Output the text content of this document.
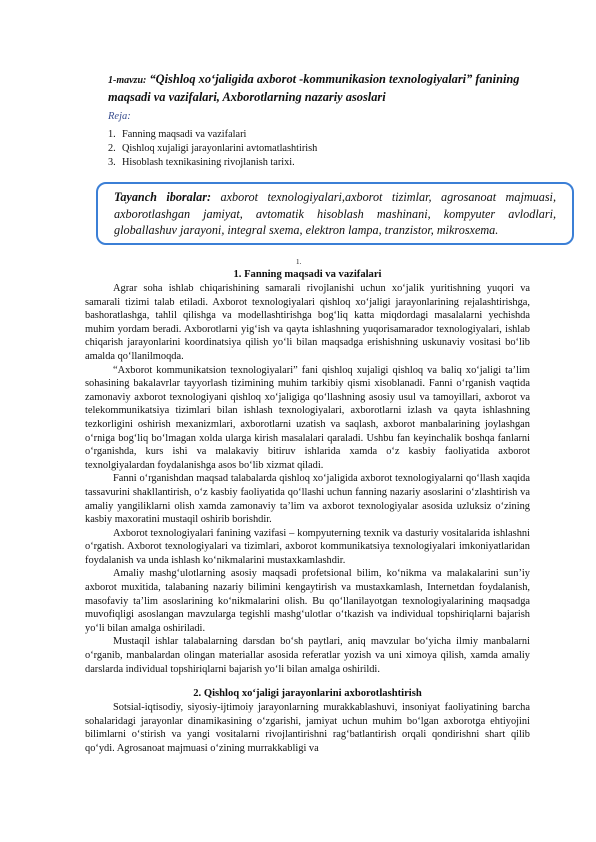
1-mavzu: “Qishloq xo‘jaligida axborot -kommunikasion texnologiyalari” fanining maqsadi va vazifalari, Axborotlarning nazariy asoslari
Reja:
1. Fanning maqsadi va vazifalari
2. Qishloq xujaligi jarayonlarini avtomatlashtirish
3. Hisoblash texnikasining rivojlanish tarixi.
Tayanch iboralar: axborot texnologiyalari,axborot tizimlar, agrosanoat majmuasi, axborotlashgan jamiyat, avtomatik hisoblash mashinani, kompyuter avlodlari, globallashuv jarayoni, integral sxema, elektron lampa, tranzistor, mikrosxema.
1.
1. Fanning maqsadi va vazifalari

Agrar soha ishlab chiqarishining samarali rivojlanishi uchun xo‘jalik yuritishning yuqori va samarali tizimi talab etiladi. Axborot texnologiyalari qishloq xo‘jaligi jarayonlarining rejalashtirishga, bashoratlashga, tahlil qilishga va modellashtirishga bog‘liq katta miqdordagi masalalarni yechishda muhim yordam beradi. Axborotlarni yig‘ish va qayta ishlashning yuqorisamarador texnologiyalari, ishlab chiqarish jarayonlarini koordinatsiya qilish yo‘li bilan maqsadga erishishning uskunaviy vositasi bo‘lib amalda qo‘llanilmoqda.

“Axborot kommunikatsion texnologiyalari” fani qishloq xujaligi qishloq va baliq xo‘jaligi ta’lim sohasining bakalavrlar tayyorlash tizimining muhim tarkibiy qismi xisoblanadi. Fanni o‘rganish vaqtida zamonaviy axborot texnologiyani qishloq xo‘jaligiga qo‘llashning asosiy usul va tamoyillari, axborot va telekommunikatsiya tizimlari bilan ishlash texnologiyalari, axborotlarni izlash va qayta ishlashning tezkorligini oshirish mexanizmlari, axborotlarni uzatish va saqlash, axborot manbalarining joylashgan o‘rniga bog‘liq bo‘lmagan xolda ularga kirish masalalari qaraladi. Ushbu fan keyinchalik boshqa fanlarni o‘rganishda, kurs ishi va malakaviy bitiruv ishlarida xamda o‘z kasbiy faoliyatida axborot texnolgiyalardan foydalanishga asos bo‘lib xizmat qiladi.

Fanni o‘rganishdan maqsad talabalarda qishloq xo‘jaligida axborot texnologiyalarni qo‘llash xaqida tassavurini shakllantirish, o‘z kasbiy faoliyatida qo‘llashi uchun fanning nazariy asoslarini o‘zlashtirish va amaliy yangiliklarni olish xamda zamonaviy ta’lim va axborot texnologiyalar asosida uzluksiz o‘zining kasbiy maxoratini mustaqil oshirib borishdir.

Axborot texnologiyalari fanining vazifasi – kompyuterning texnik va dasturiy vositalarida ishlashni o‘rgatish. Axborot texnologiyalari va tizimlari, axborot kommunikatsiya texnologiyalari imkoniyatlaridan foydalanish va unda ishlash ko‘nikmalarini mustaxkamlashdir.

Amaliy mashg‘ulotlarning asosiy maqsadi profetsional bilim, ko‘nikma va malakalarini sun’iy axborot muxitida, talabaning nazariy bilimini kengaytirish va mustaxkamlash, Internetdan foydalanish, masofaviy ta’lim asoslarining ko‘nikmalarini olish. Bu qo‘llanilayotgan texnologiyalarining maqsadga muvofiqligi asoslangan mavzularga tegishli mashg‘ulotlar o‘tkazish va individual topshiriqlarni bajarish yo‘li bilan amalga oshiriladi.

Mustaqil ishlar talabalarning darsdan bo‘sh paytlari, aniq mavzular bo‘yicha ilmiy manbalarni o‘rganib, manbalardan olingan materiallar asosida referatlar yozish va uni ximoya qilish, xamda amaliy darslarda individual topshiriqlarni bajarish yo‘li bilan amalga oshirildi.

2. Qishloq xo‘jaligi jarayonlarini axborotlashtirish

Sotsial-iqtisodiy, siyosiy-ijtimoiy jarayonlarning murakkablashuvi, insoniyat faoliyatining barcha sohalaridagi jarayonlar dinamikasining o‘zgarishi, jamiyat uchun muhim bo‘lgan axborotga ehtiyojini bilimlarni o‘stirish va yangi vositalarni rivojlantirishni rag‘batlantirish orqali qondirishni shart qilib qo‘ydi. Agrosanoat majmuasi o‘zining murrakkabligi va
